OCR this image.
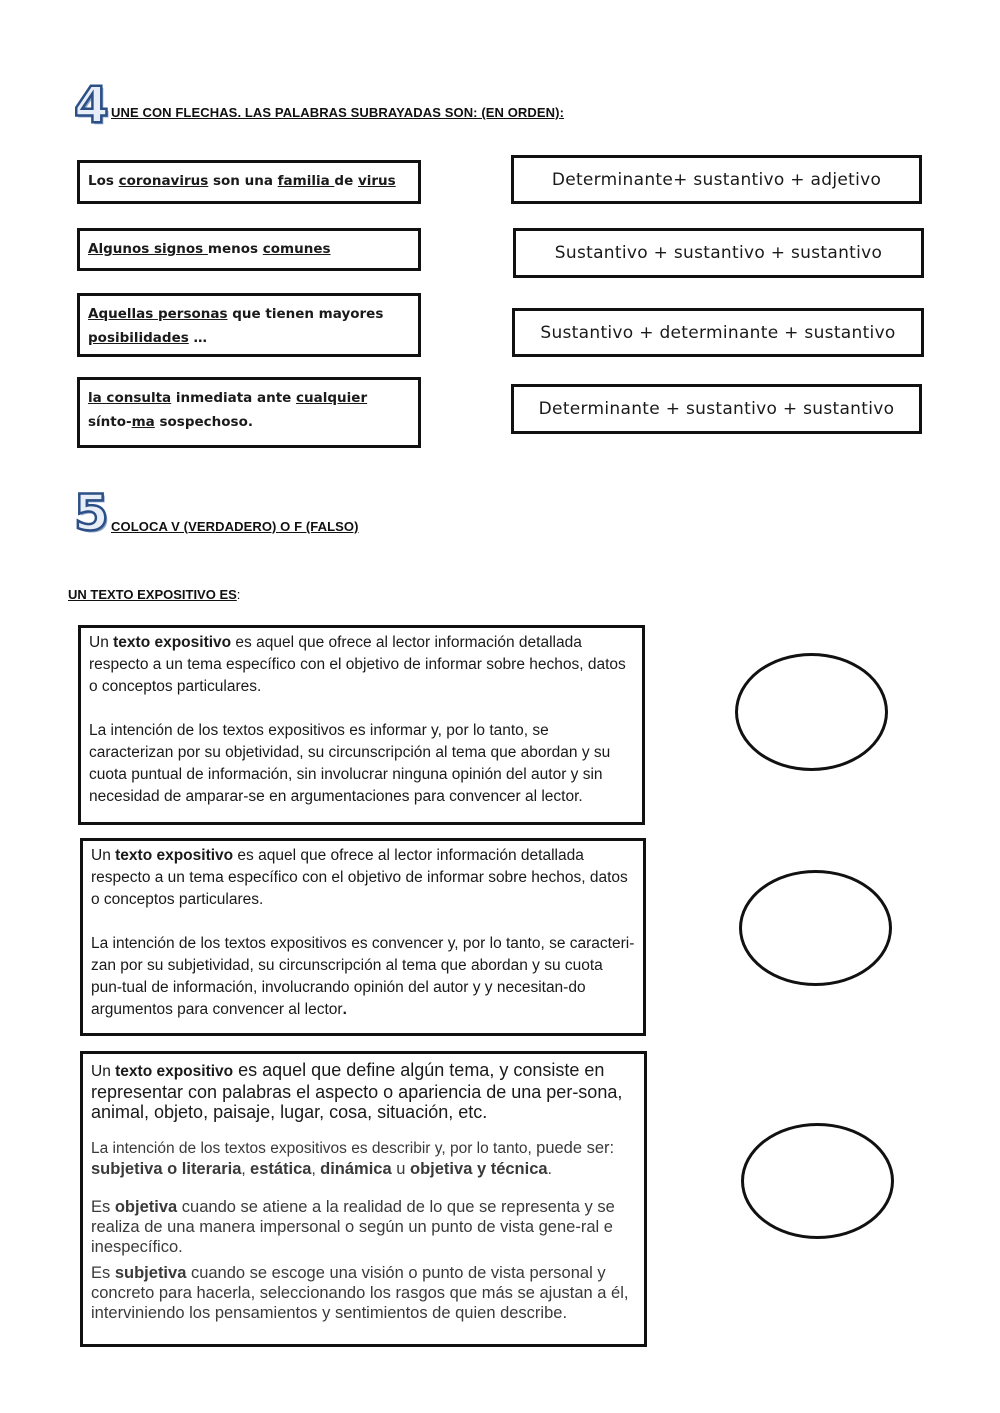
4 UNE CON FLECHAS. LAS PALABRAS SUBRAYADAS SON: (EN ORDEN):
Los coronavirus son una familia de virus
Algunos signos menos comunes
Aquellas personas que tienen mayores posibilidades …
la consulta inmediata ante cualquier sínto-ma sospechoso.
Determinante+ sustantivo + adjetivo
Sustantivo + sustantivo + sustantivo
Sustantivo + determinante + sustantivo
Determinante + sustantivo + sustantivo
5 COLOCA V (VERDADERO) O F (FALSO)
UN TEXTO EXPOSITIVO ES:

Un texto expositivo es aquel que ofrece al lector información detallada respecto a un tema específico con el objetivo de informar sobre hechos, datos o conceptos particulares.

La intención de los textos expositivos es informar y, por lo tanto, se caracterizan por su objetividad, su circunscripción al tema que abordan y su cuota puntual de información, sin involucrar ninguna opinión del autor y sin necesidad de amparar-se en argumentaciones para convencer al lector.

Un texto expositivo es aquel que ofrece al lector información detallada respecto a un tema específico con el objetivo de informar sobre hechos, datos o conceptos particulares.

La intención de los textos expositivos es convencer y, por lo tanto, se caracteri-zan por su subjetividad, su circunscripción al tema que abordan y su cuota pun-tual de información, involucrando opinión del autor y y necesitan-do argumentos para convencer al lector.

Un texto expositivo es aquel que define algún tema, y consiste en representar con palabras el aspecto o apariencia de una per-sona, animal, objeto, paisaje, lugar, cosa, situación, etc.

La intención de los textos expositivos es describir y, por lo tanto, puede ser: subjetiva o literaria, estática, dinámica u objetiva y técnica.

Es objetiva cuando se atiene a la realidad de lo que se representa y se realiza de una manera impersonal o según un punto de vista gene-ral e inespecífico.

Es subjetiva cuando se escoge una visión o punto de vista personal y concreto para hacerla, seleccionando los rasgos que más se ajustan a él, interviniendo los pensamientos y sentimientos de quien describe.
